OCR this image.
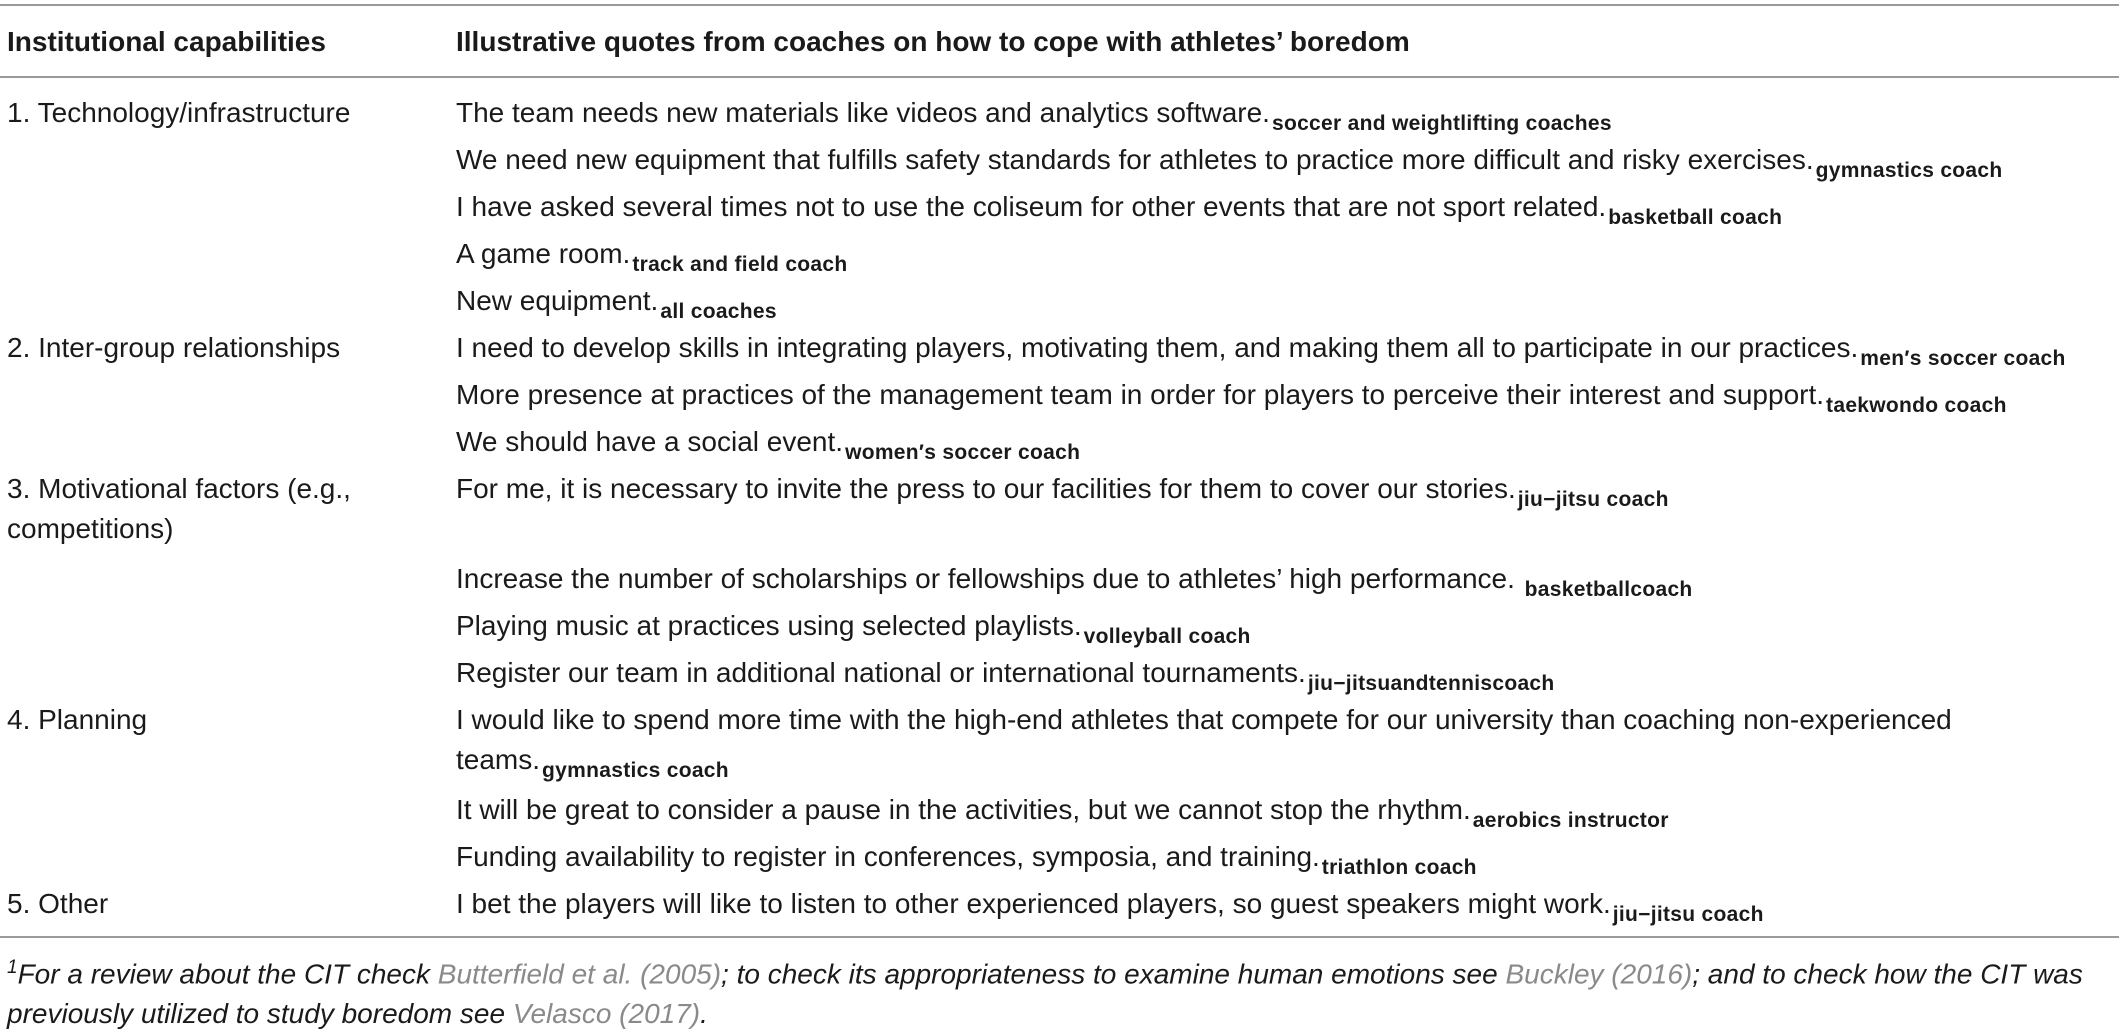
Institutional capabilities	Illustrative quotes from coaches on how to cope with athletes’ boredom
1. Technology/infrastructure
2. Inter-group relationships
3. Motivational factors (e.g., competitions)
4. Planning
5. Other
The team needs new materials like videos and analytics $software._{soccer and weightlifting coaches}$
We need new equipment that fulfills safety standards for athletes to practice more difficult and risky $exercises._{gymnastics coach}$
I have asked several times not to use the coliseum for other events that are not sport $related._{basketball coach}$
A game $room._{track and field coach}$
New $equipment._{all coaches}$
I need to develop skills in integrating players, motivating them, and making them all to participate in our $practices._{men's soccer coach}$
More presence at practices of the management team in order for players to perceive their interest and $support._{taekwondo coach}$
We should have a social $event._{women's soccer coach}$
For me, it is necessary to invite the press to our facilities for them to cover our $stories._{jiu-jitsu coach}$
Increase the number of scholarships or fellowships due to athletes’ high performance. $_{basketballcoach}$
Playing music at practices using selected $playlists._{volleyball coach}$
Register our team in additional national or international $tournaments._{jiu-jitsuandtenniscoach}$
I would like to spend more time with the high-end athletes that compete for our university than coaching non-experienced $teams._{gymnastics coach}$
It will be great to consider a pause in the activities, but we cannot stop the $rhythm._{aerobics instructor}$
Funding availability to register in conferences, symposia, and $training._{triathlon coach}$
I bet the players will like to listen to other experienced players, so guest speakers might $work._{jiu-jitsu coach}$
$^1$For a review about the CIT check Butterfield et al. (2005); to check its appropriateness to examine human emotions see Buckley (2016); and to check how the CIT was previously utilized to study boredom see Velasco (2017).
